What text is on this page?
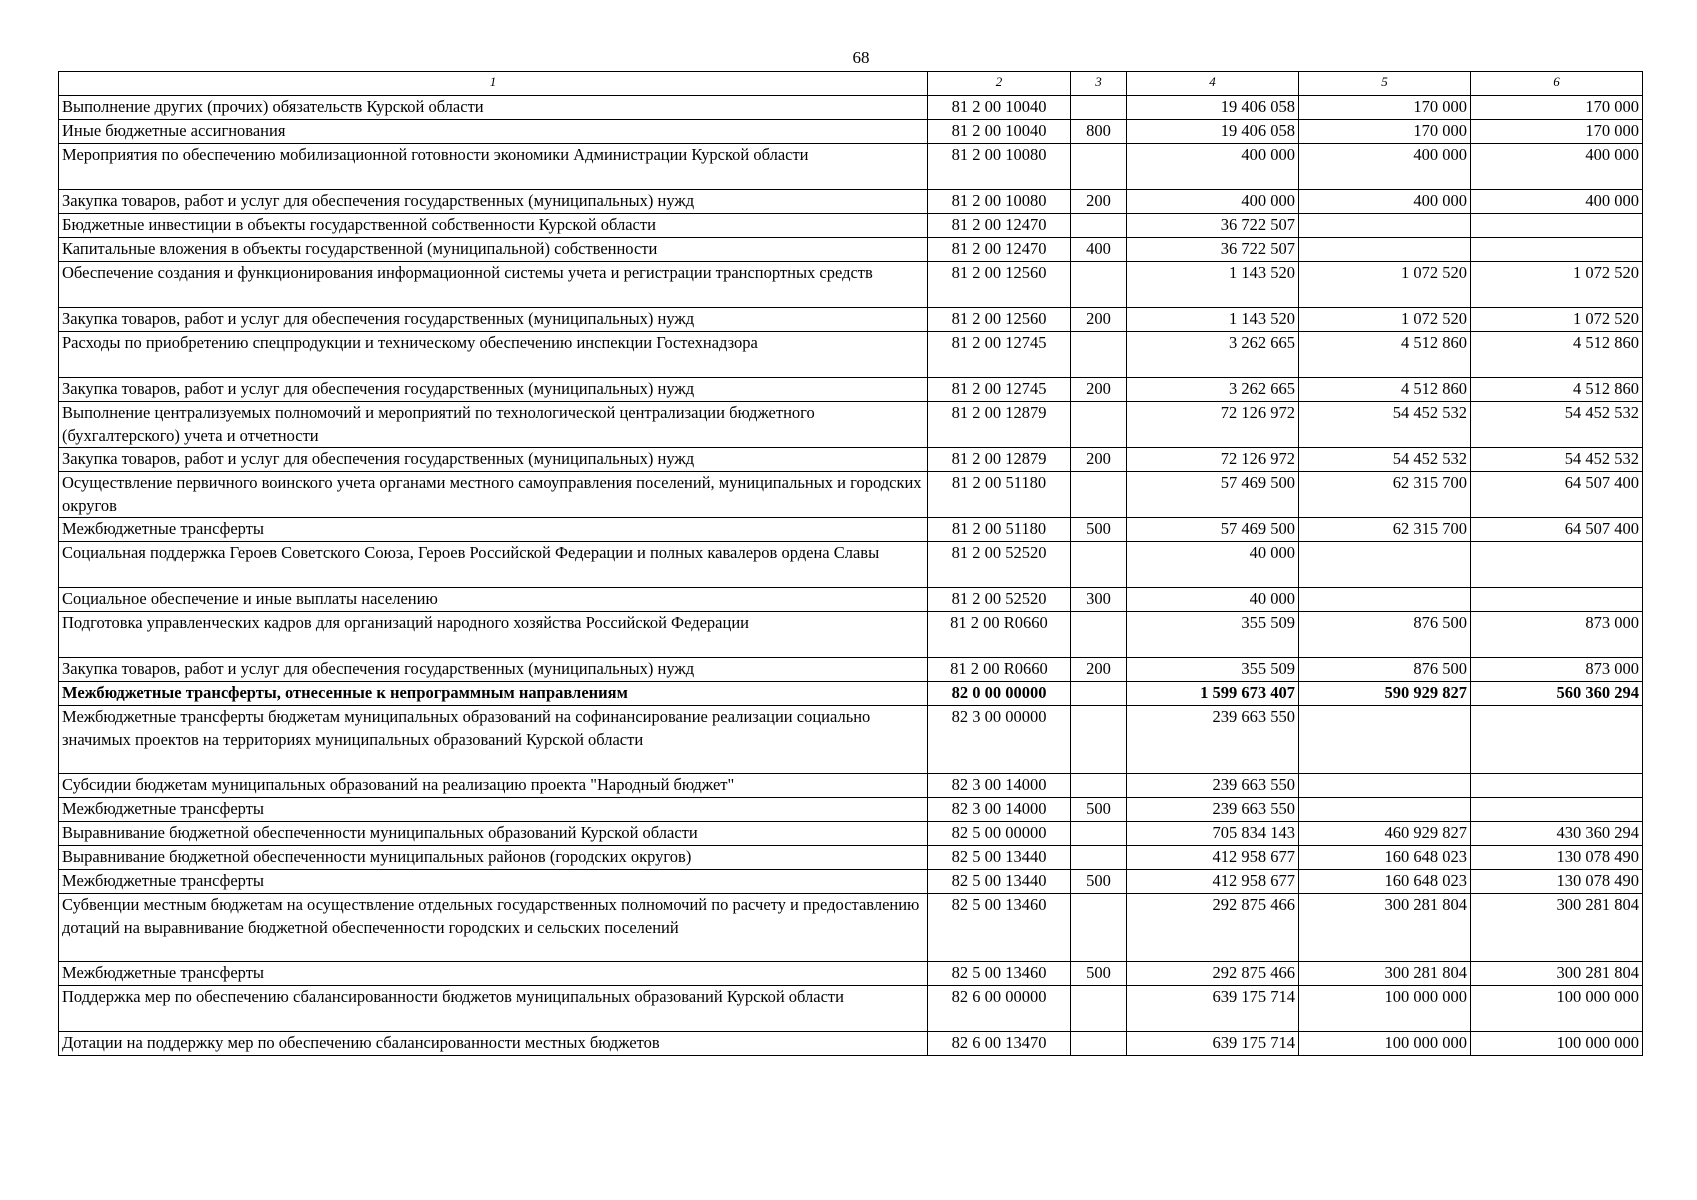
68
1	2	3	4	5	6
Выполнение других (прочих) обязательств Курской области	81 2 00 10040		19 406 058	170 000	170 000
Иные бюджетные ассигнования	81 2 00 10040	800	19 406 058	170 000	170 000
Мероприятия по обеспечению мобилизационной готовности экономики Администрации Курской области	81 2 00 10080		400 000	400 000	400 000
Закупка товаров, работ и услуг для обеспечения государственных (муниципальных) нужд	81 2 00 10080	200	400 000	400 000	400 000
Бюджетные инвестиции в объекты государственной собственности Курской области	81 2 00 12470		36 722 507		
Капитальные вложения в объекты государственной (муниципальной) собственности	81 2 00 12470	400	36 722 507		
Обеспечение создания и функционирования информационной системы учета и регистрации транспортных средств	81 2 00 12560		1 143 520	1 072 520	1 072 520
Закупка товаров, работ и услуг для обеспечения государственных (муниципальных) нужд	81 2 00 12560	200	1 143 520	1 072 520	1 072 520
Расходы по приобретению спецпродукции и техническому обеспечению инспекции Гостехнадзора	81 2 00 12745		3 262 665	4 512 860	4 512 860
Закупка товаров, работ и услуг для обеспечения государственных (муниципальных) нужд	81 2 00 12745	200	3 262 665	4 512 860	4 512 860
Выполнение централизуемых полномочий и мероприятий по технологической централизации бюджетного (бухгалтерского) учета и отчетности	81 2 00 12879		72 126 972	54 452 532	54 452 532
Закупка товаров, работ и услуг для обеспечения государственных (муниципальных) нужд	81 2 00 12879	200	72 126 972	54 452 532	54 452 532
Осуществление первичного воинского учета органами местного самоуправления поселений, муниципальных и городских округов	81 2 00 51180		57 469 500	62 315 700	64 507 400
Межбюджетные трансферты	81 2 00 51180	500	57 469 500	62 315 700	64 507 400
Социальная поддержка Героев Советского Союза, Героев Российской Федерации и полных кавалеров ордена Славы	81 2 00 52520		40 000		
Социальное обеспечение и иные выплаты населению	81 2 00 52520	300	40 000		
Подготовка управленческих кадров для организаций народного хозяйства Российской Федерации	81 2 00 R0660		355 509	876 500	873 000
Закупка товаров, работ и услуг для обеспечения государственных (муниципальных) нужд	81 2 00 R0660	200	355 509	876 500	873 000
Межбюджетные трансферты, отнесенные к непрограммным направлениям	82 0 00 00000		1 599 673 407	590 929 827	560 360 294
Межбюджетные трансферты бюджетам муниципальных образований на софинансирование реализации социально значимых проектов на территориях муниципальных образований Курской области	82 3 00 00000		239 663 550		
Субсидии бюджетам муниципальных образований на реализацию проекта "Народный бюджет"	82 3 00 14000		239 663 550		
Межбюджетные трансферты	82 3 00 14000	500	239 663 550		
Выравнивание бюджетной обеспеченности муниципальных образований Курской области	82 5 00 00000		705 834 143	460 929 827	430 360 294
Выравнивание бюджетной обеспеченности муниципальных районов (городских округов)	82 5 00 13440		412 958 677	160 648 023	130 078 490
Межбюджетные трансферты	82 5 00 13440	500	412 958 677	160 648 023	130 078 490
Субвенции местным бюджетам на осуществление отдельных государственных полномочий по расчету и предоставлению дотаций на выравнивание бюджетной обеспеченности городских и сельских поселений	82 5 00 13460		292 875 466	300 281 804	300 281 804
Межбюджетные трансферты	82 5 00 13460	500	292 875 466	300 281 804	300 281 804
Поддержка мер по обеспечению сбалансированности бюджетов муниципальных образований Курской области	82 6 00 00000		639 175 714	100 000 000	100 000 000
Дотации на поддержку мер по обеспечению сбалансированности местных бюджетов	82 6 00 13470		639 175 714	100 000 000	100 000 000
